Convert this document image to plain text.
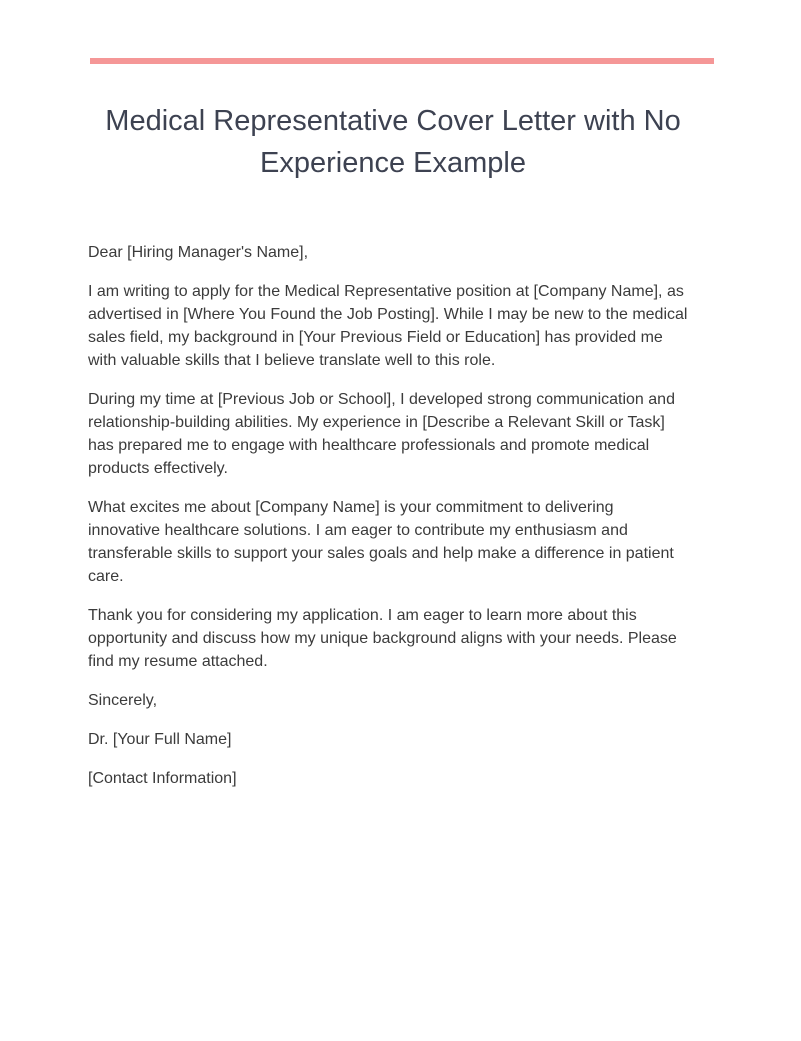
Medical Representative Cover Letter with No Experience Example

Dear [Hiring Manager's Name],

I am writing to apply for the Medical Representative position at [Company Name], as advertised in [Where You Found the Job Posting]. While I may be new to the medical sales field, my background in [Your Previous Field or Education] has provided me with valuable skills that I believe translate well to this role.

During my time at [Previous Job or School], I developed strong communication and relationship-building abilities. My experience in [Describe a Relevant Skill or Task] has prepared me to engage with healthcare professionals and promote medical products effectively.

What excites me about [Company Name] is your commitment to delivering innovative healthcare solutions. I am eager to contribute my enthusiasm and transferable skills to support your sales goals and help make a difference in patient care.

Thank you for considering my application. I am eager to learn more about this opportunity and discuss how my unique background aligns with your needs. Please find my resume attached.

Sincerely,

Dr. [Your Full Name]

[Contact Information]
